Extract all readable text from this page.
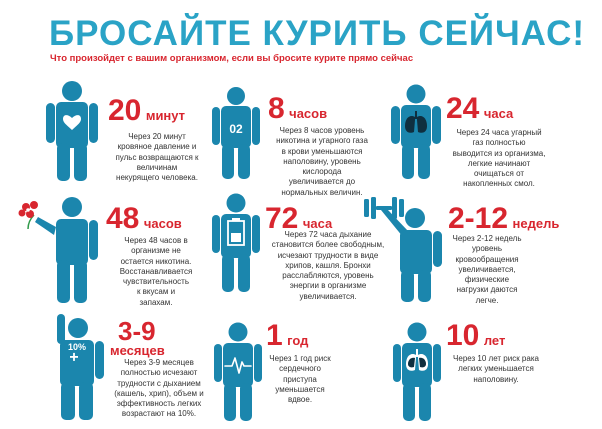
БРОСАЙТЕ КУРИТЬ СЕЙЧАС!

Что произойдет с вашим организмом, если вы бросите курите прямо сейчас

20 минут

Через 20 минут
кровяное давление и
пульс возвращаются к
величинам
некурящего человека.

02
8 часов

Через 8 часов уровень
никотина и угарного газа
в крови уменьшаются
наполовину, уровень
кислорода
увеличивается до
нормальных величин.

24 часа

Через 24 часа угарный
газ полностью
выводится из организма,
легкие начинают
очищаться от
накопленных смол.

48 часов

Через 48 часов в
организме не
остается никотина.
Восстанавливается
чувствительность
к вкусам и
запахам.

72 часа

Через 72 часа дыхание
становится более свободным,
исчезают трудности в виде
хрипов, кашля. Бронхи
расслабляются, уровень
энергии в организме
увеличивается.

2-12 недель

Через 2-12 недель
уровень
кровообращения
увеличивается,
физические
нагрузки даются
легче.

10%
3-9
месяцев

Через 3-9 месяцев
полностью исчезают
трудности с дыханием
(кашель, хрип), объем и
эффективность легких
возрастают на 10%.

1 год

Через 1 год риск
сердечного
приступа
уменьшается
вдвое.

10 лет

Через 10 лет риск рака
легких уменьшается
наполовину.
